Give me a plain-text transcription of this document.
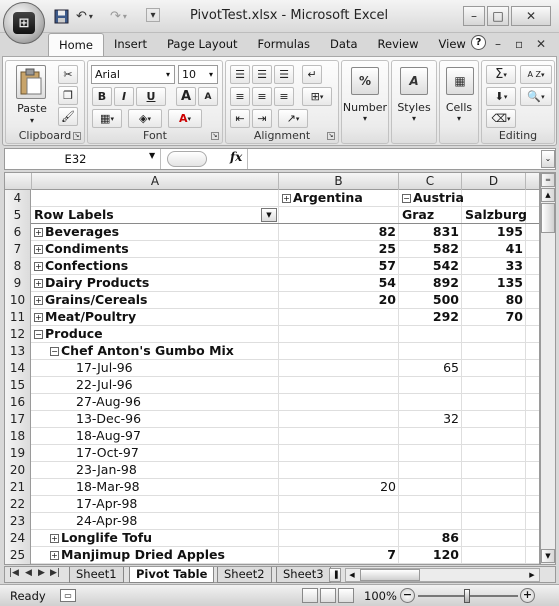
↶ ▾ ↷ ▾	▾	PivotTest.xlsx - Microsoft Excel	–	□	✕
⊞
Home	Insert	Page Layout	Formulas	Data	Review	View ?	– ▫ ✕
Paste
▾
✂
❐
🖌
Clipboard ↘
Arial	▾	10	▾
B	I	U	A	A
▦ ▾	◈ ▾	A ▾
Font	↘
☰	☰	☰	↵
≡	≡	≡	⊞ ▾
⇤	⇥	↗ ▾
Alignment	↘
%
Number
▾
A
Styles
▾
▦
Cells
▾
Σ ▾	A Z ▾
⬇ ▾	🔍 ▾
⌫ ▾
Editing
E32	▼	fx	⌄
A	B	C	D
4	+ Argentina	− Austria
5	Row Labels	▼	Graz	Salzburg
6	+ Beverages	82	831	195
7	+ Condiments	25	582	41
8	+ Confections	57	542	33
9	+ Dairy Products	54	892	135
10	+ Grains/Cereals	20	500	80
11	+ Meat/Poultry	292	70
12	− Produce
13	− Chef Anton's Gumbo Mix
14	17-Jul-96	65
15	22-Jul-96
16	27-Aug-96
17	13-Dec-96	32
18	18-Aug-97
19	17-Oct-97
20	23-Jan-98
21	18-Mar-98	20
22	17-Apr-98
23	24-Apr-98
24	+ Longlife Tofu	86
25	+ Manjimup Dried Apples	7	120
═
▲
▼
|◀ ◀ ▶ ▶|	Sheet1	Pivot Table	Sheet2	Sheet3	▐	◀	▶
Ready	▭	100% −	+
